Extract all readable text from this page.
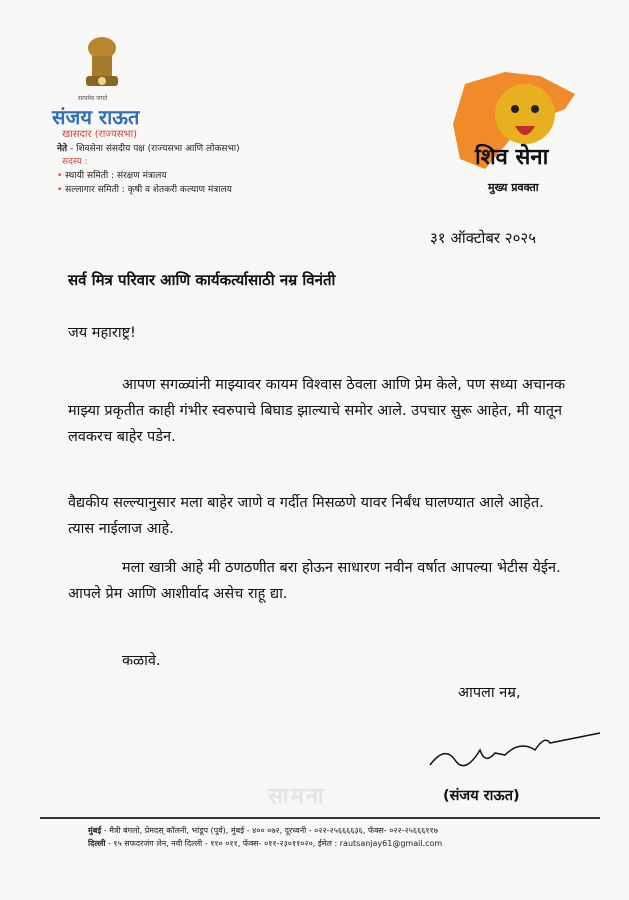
सत्यमेव जयते
संजय राऊत
खासदार (राज्यसभा)
नेते - शिवसेना संसदीय पक्ष (राज्यसभा आणि लोकसभा)
सदस्य :
• स्थायी समिती : संरक्षण मंत्रालय
• सल्लागार समिती : कृषी व शेतकरी कल्याण मंत्रालय
शिव सेना
मुख्य प्रवक्ता
३१ ऑक्टोबर २०२५
सर्व मित्र परिवार आणि कार्यकर्त्यासाठी नम्र विनंती
जय महाराष्ट्र!
आपण सगळ्यांनी माझ्यावर कायम विश्वास ठेवला आणि प्रेम केले, पण सध्या अचानक माझ्या प्रकृतीत काही गंभीर स्वरुपाचे बिघाड झाल्याचे समोर आले. उपचार सुरू आहेत, मी यातून लवकरच बाहेर पडेन.
वैद्यकीय सल्ल्यानुसार मला बाहेर जाणे व गर्दीत मिसळणे यावर निर्बंध घालण्यात आले आहेत. त्यास नाईलाज आहे.
मला खात्री आहे मी ठणठणीत बरा होऊन साधारण नवीन वर्षात आपल्या भेटीस येईन. आपले प्रेम आणि आशीर्वाद असेच राहू द्या.
कळावे.
आपला नम्र,
सामना	(संजय राऊत)
मुंबई - मैत्री बंगलो, प्रेमदस् कॉलनी, भांडूप (पूर्व), मुंबई - ४०० ०७२, दूरध्वनी - ०२२-२५६६६६३६, फॅक्स- ०२२-२५६६६११७
दिल्ली - १५ सफदरजंग लेन, नवी दिल्ली - ११० ०११, फॅक्स- ०११-२३०११०२०, ईमेल : rautsanjay61@gmail.com
